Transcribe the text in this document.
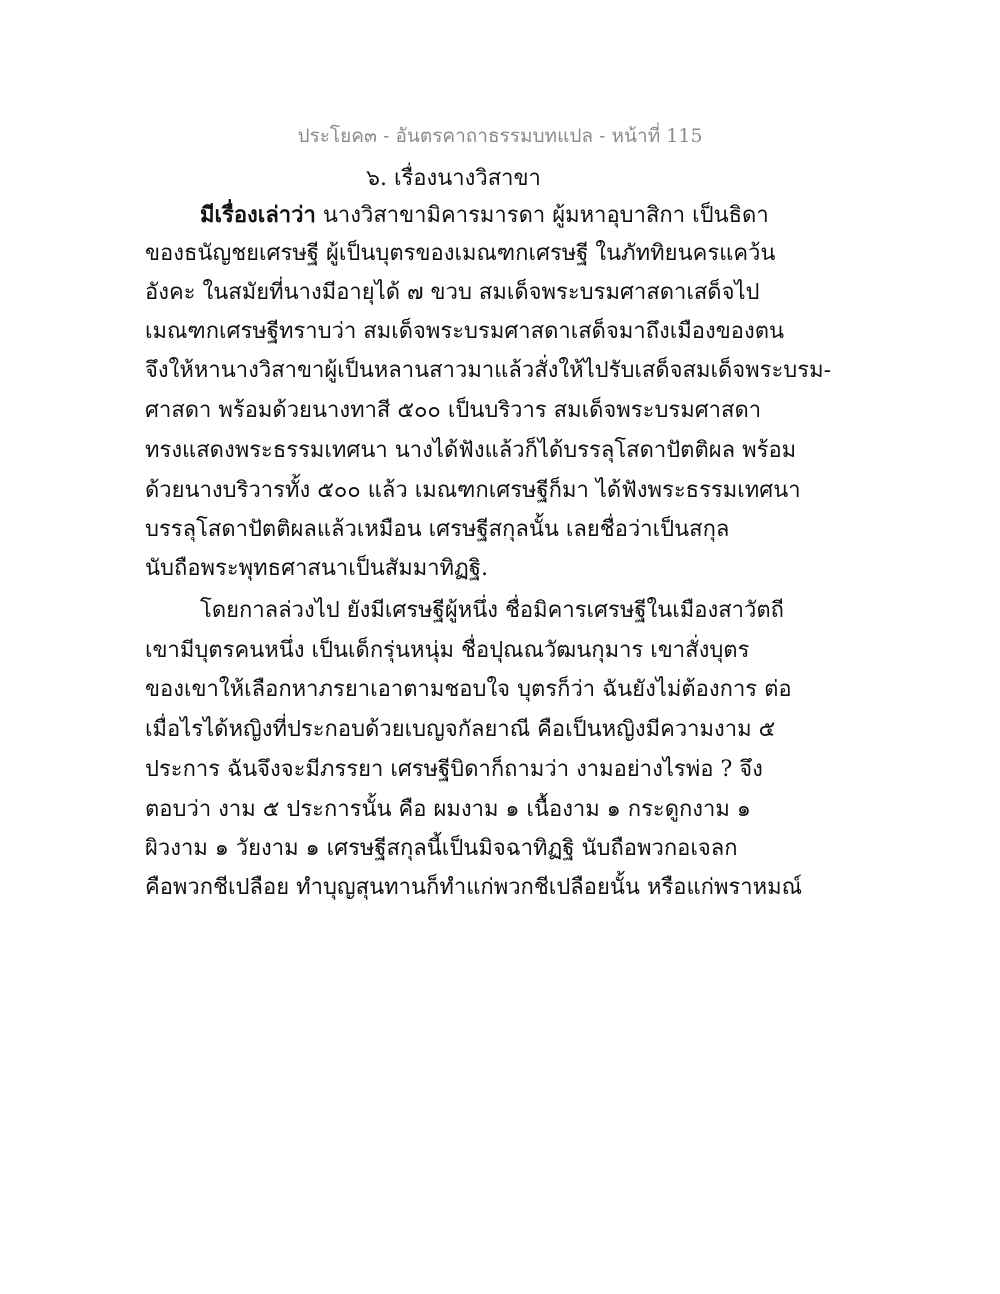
ประโยค๓ - อันตรคาถาธรรมบทแปล - หน้าที่ 115
๖. เรื่องนางวิสาขา
มีเรื่องเล่าว่า นางวิสาขามิคารมารดา ผู้มหาอุบาสิกา เป็นธิดา
ของธนัญชยเศรษฐี ผู้เป็นบุตรของเมณฑกเศรษฐี ในภัททิยนครแคว้น
อังคะ ในสมัยที่นางมีอายุได้ ๗ ขวบ สมเด็จพระบรมศาสดาเสด็จไป
เมณฑกเศรษฐีทราบว่า สมเด็จพระบรมศาสดาเสด็จมาถึงเมืองของตน
จึงให้หานางวิสาขาผู้เป็นหลานสาวมาแล้วสั่งให้ไปรับเสด็จสมเด็จพระบรม-
ศาสดา พร้อมด้วยนางทาสี ๕๐๐ เป็นบริวาร สมเด็จพระบรมศาสดา
ทรงแสดงพระธรรมเทศนา นางได้ฟังแล้วก็ได้บรรลุโสดาปัตติผล พร้อม
ด้วยนางบริวารทั้ง ๕๐๐ แล้ว เมณฑกเศรษฐีก็มา ได้ฟังพระธรรมเทศนา
บรรลุโสดาปัตติผลแล้วเหมือน เศรษฐีสกุลนั้น เลยชื่อว่าเป็นสกุล
นับถือพระพุทธศาสนาเป็นสัมมาทิฏฐิ.
โดยกาลล่วงไป ยังมีเศรษฐีผู้หนึ่ง ชื่อมิคารเศรษฐีในเมืองสาวัตถี
เขามีบุตรคนหนึ่ง เป็นเด็กรุ่นหนุ่ม ชื่อปุณณวัฒนกุมาร เขาสั่งบุตร
ของเขาให้เลือกหาภรยาเอาตามชอบใจ บุตรก็ว่า ฉันยังไม่ต้องการ ต่อ
เมื่อไรได้หญิงที่ประกอบด้วยเบญจกัลยาณี คือเป็นหญิงมีความงาม ๕
ประการ ฉันจึงจะมีภรรยา เศรษฐีบิดาก็ถามว่า งามอย่างไรพ่อ ? จึง
ตอบว่า งาม ๕ ประการนั้น คือ ผมงาม ๑ เนื้องาม ๑ กระดูกงาม ๑
ผิวงาม ๑ วัยงาม ๑ เศรษฐีสกุลนี้เป็นมิจฉาทิฏฐิ นับถือพวกอเจลก
คือพวกชีเปลือย ทำบุญสุนทานก็ทำแก่พวกชีเปลือยนั้น หรือแก่พราหมณ์
